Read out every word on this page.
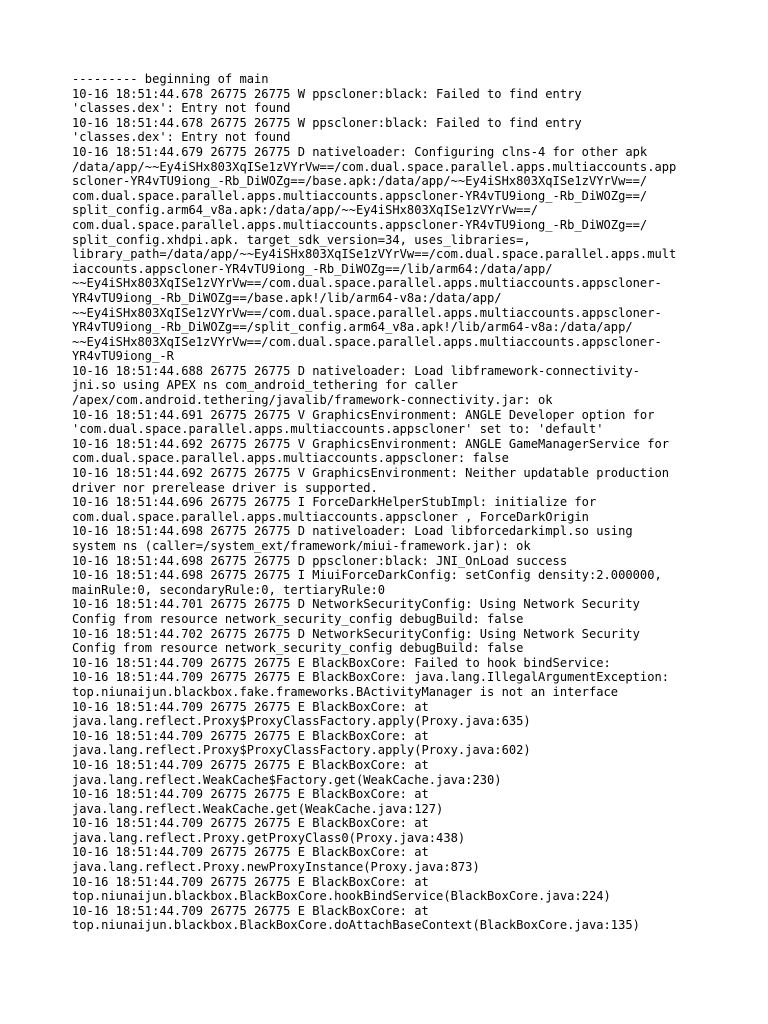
--------- beginning of main
10-16 18:51:44.678 26775 26775 W ppscloner:black: Failed to find entry
'classes.dex': Entry not found
10-16 18:51:44.678 26775 26775 W ppscloner:black: Failed to find entry
'classes.dex': Entry not found
10-16 18:51:44.679 26775 26775 D nativeloader: Configuring clns-4 for other apk
/data/app/~~Ey4iSHx803XqISe1zVYrVw==/com.dual.space.parallel.apps.multiaccounts.app
scloner-YR4vTU9iong_-Rb_DiWOZg==/base.apk:/data/app/~~Ey4iSHx803XqISe1zVYrVw==/
com.dual.space.parallel.apps.multiaccounts.appscloner-YR4vTU9iong_-Rb_DiWOZg==/
split_config.arm64_v8a.apk:/data/app/~~Ey4iSHx803XqISe1zVYrVw==/
com.dual.space.parallel.apps.multiaccounts.appscloner-YR4vTU9iong_-Rb_DiWOZg==/
split_config.xhdpi.apk. target_sdk_version=34, uses_libraries=,
library_path=/data/app/~~Ey4iSHx803XqISe1zVYrVw==/com.dual.space.parallel.apps.mult
iaccounts.appscloner-YR4vTU9iong_-Rb_DiWOZg==/lib/arm64:/data/app/
~~Ey4iSHx803XqISe1zVYrVw==/com.dual.space.parallel.apps.multiaccounts.appscloner-
YR4vTU9iong_-Rb_DiWOZg==/base.apk!/lib/arm64-v8a:/data/app/
~~Ey4iSHx803XqISe1zVYrVw==/com.dual.space.parallel.apps.multiaccounts.appscloner-
YR4vTU9iong_-Rb_DiWOZg==/split_config.arm64_v8a.apk!/lib/arm64-v8a:/data/app/
~~Ey4iSHx803XqISe1zVYrVw==/com.dual.space.parallel.apps.multiaccounts.appscloner-
YR4vTU9iong_-R
10-16 18:51:44.688 26775 26775 D nativeloader: Load libframework-connectivity-
jni.so using APEX ns com_android_tethering for caller
/apex/com.android.tethering/javalib/framework-connectivity.jar: ok
10-16 18:51:44.691 26775 26775 V GraphicsEnvironment: ANGLE Developer option for
'com.dual.space.parallel.apps.multiaccounts.appscloner' set to: 'default'
10-16 18:51:44.692 26775 26775 V GraphicsEnvironment: ANGLE GameManagerService for
com.dual.space.parallel.apps.multiaccounts.appscloner: false
10-16 18:51:44.692 26775 26775 V GraphicsEnvironment: Neither updatable production
driver nor prerelease driver is supported.
10-16 18:51:44.696 26775 26775 I ForceDarkHelperStubImpl: initialize for
com.dual.space.parallel.apps.multiaccounts.appscloner , ForceDarkOrigin
10-16 18:51:44.698 26775 26775 D nativeloader: Load libforcedarkimpl.so using
system ns (caller=/system_ext/framework/miui-framework.jar): ok
10-16 18:51:44.698 26775 26775 D ppscloner:black: JNI_OnLoad success
10-16 18:51:44.698 26775 26775 I MiuiForceDarkConfig: setConfig density:2.000000,
mainRule:0, secondaryRule:0, tertiaryRule:0
10-16 18:51:44.701 26775 26775 D NetworkSecurityConfig: Using Network Security
Config from resource network_security_config debugBuild: false
10-16 18:51:44.702 26775 26775 D NetworkSecurityConfig: Using Network Security
Config from resource network_security_config debugBuild: false
10-16 18:51:44.709 26775 26775 E BlackBoxCore: Failed to hook bindService:
10-16 18:51:44.709 26775 26775 E BlackBoxCore: java.lang.IllegalArgumentException:
top.niunaijun.blackbox.fake.frameworks.BActivityManager is not an interface
10-16 18:51:44.709 26775 26775 E BlackBoxCore: at
java.lang.reflect.Proxy$ProxyClassFactory.apply(Proxy.java:635)
10-16 18:51:44.709 26775 26775 E BlackBoxCore: at
java.lang.reflect.Proxy$ProxyClassFactory.apply(Proxy.java:602)
10-16 18:51:44.709 26775 26775 E BlackBoxCore: at
java.lang.reflect.WeakCache$Factory.get(WeakCache.java:230)
10-16 18:51:44.709 26775 26775 E BlackBoxCore: at
java.lang.reflect.WeakCache.get(WeakCache.java:127)
10-16 18:51:44.709 26775 26775 E BlackBoxCore: at
java.lang.reflect.Proxy.getProxyClass0(Proxy.java:438)
10-16 18:51:44.709 26775 26775 E BlackBoxCore: at
java.lang.reflect.Proxy.newProxyInstance(Proxy.java:873)
10-16 18:51:44.709 26775 26775 E BlackBoxCore: at
top.niunaijun.blackbox.BlackBoxCore.hookBindService(BlackBoxCore.java:224)
10-16 18:51:44.709 26775 26775 E BlackBoxCore: at
top.niunaijun.blackbox.BlackBoxCore.doAttachBaseContext(BlackBoxCore.java:135)
